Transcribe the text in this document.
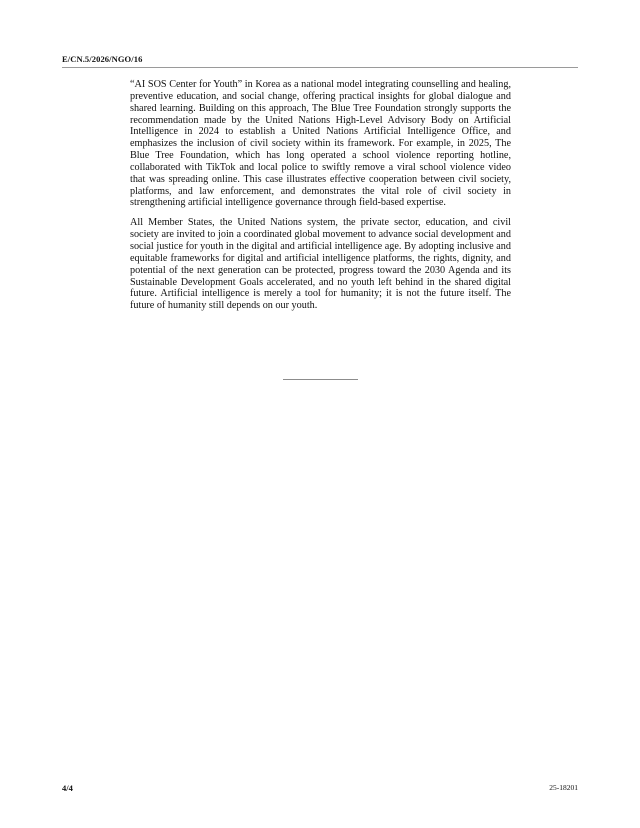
E/CN.5/2026/NGO/16

“AI SOS Center for Youth” in Korea as a national model integrating counselling and healing, preventive education, and social change, offering practical insights for global dialogue and shared learning. Building on this approach, The Blue Tree Foundation strongly supports the recommendation made by the United Nations High-Level Advisory Body on Artificial Intelligence in 2024 to establish a United Nations Artificial Intelligence Office, and emphasizes the inclusion of civil society within its framework. For example, in 2025, The Blue Tree Foundation, which has long operated a school violence reporting hotline, collaborated with TikTok and local police to swiftly remove a viral school violence video that was spreading online. This case illustrates effective cooperation between civil society, platforms, and law enforcement, and demonstrates the vital role of civil society in strengthening artificial intelligence governance through field-based expertise.

All Member States, the United Nations system, the private sector, education, and civil society are invited to join a coordinated global movement to advance social development and social justice for youth in the digital and artificial intelligence age. By adopting inclusive and equitable frameworks for digital and artificial intelligence platforms, the rights, dignity, and potential of the next generation can be protected, progress toward the 2030 Agenda and its Sustainable Development Goals accelerated, and no youth left behind in the shared digital future. Artificial intelligence is merely a tool for humanity; it is not the future itself. The future of humanity still depends on our youth.

4/4	25-18201
